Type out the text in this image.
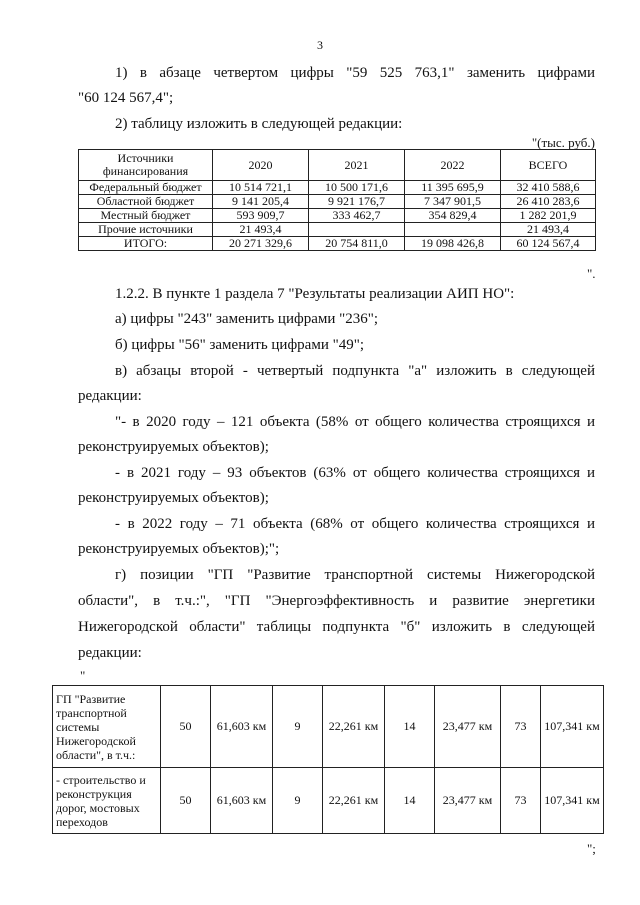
3
1) в абзаце четвертом цифры "59 525 763,1" заменить цифрами
"60 124 567,4";
2) таблицу изложить в следующей редакции:
"(тыс. руб.)
Источники финансирования	2020	2021	2022	ВСЕГО
Федеральный бюджет	10 514 721,1	10 500 171,6	11 395 695,9	32 410 588,6
Областной бюджет	9 141 205,4	9 921 176,7	7 347 901,5	26 410 283,6
Местный бюджет	593 909,7	333 462,7	354 829,4	1 282 201,9
Прочие источники	21 493,4			21 493,4
ИТОГО:	20 271 329,6	20 754 811,0	19 098 426,8	60 124 567,4
".
1.2.2. В пункте 1 раздела 7 "Результаты реализации АИП НО":
а) цифры "243" заменить цифрами "236";
б) цифры "56" заменить цифрами "49";
в) абзацы второй - четвертый подпункта "а" изложить в следующей
редакции:
"- в 2020 году – 121 объекта (58% от общего количества строящихся и
реконструируемых объектов);
- в 2021 году – 93 объектов (63% от общего количества строящихся и
реконструируемых объектов);
- в 2022 году – 71 объекта (68% от общего количества строящихся и
реконструируемых объектов);";
г) позиции "ГП "Развитие транспортной системы Нижегородской
области", в т.ч.:", "ГП "Энергоэффективность и развитие энергетики
Нижегородской области" таблицы подпункта "б" изложить в следующей
редакции:
"
ГП "Развитие транспортной системы Нижегородской области", в т.ч.:	50	61,603 км	9	22,261 км	14	23,477 км	73	107,341 км
- строительство и реконструкция дорог, мостовых переходов	50	61,603 км	9	22,261 км	14	23,477 км	73	107,341 км
";
